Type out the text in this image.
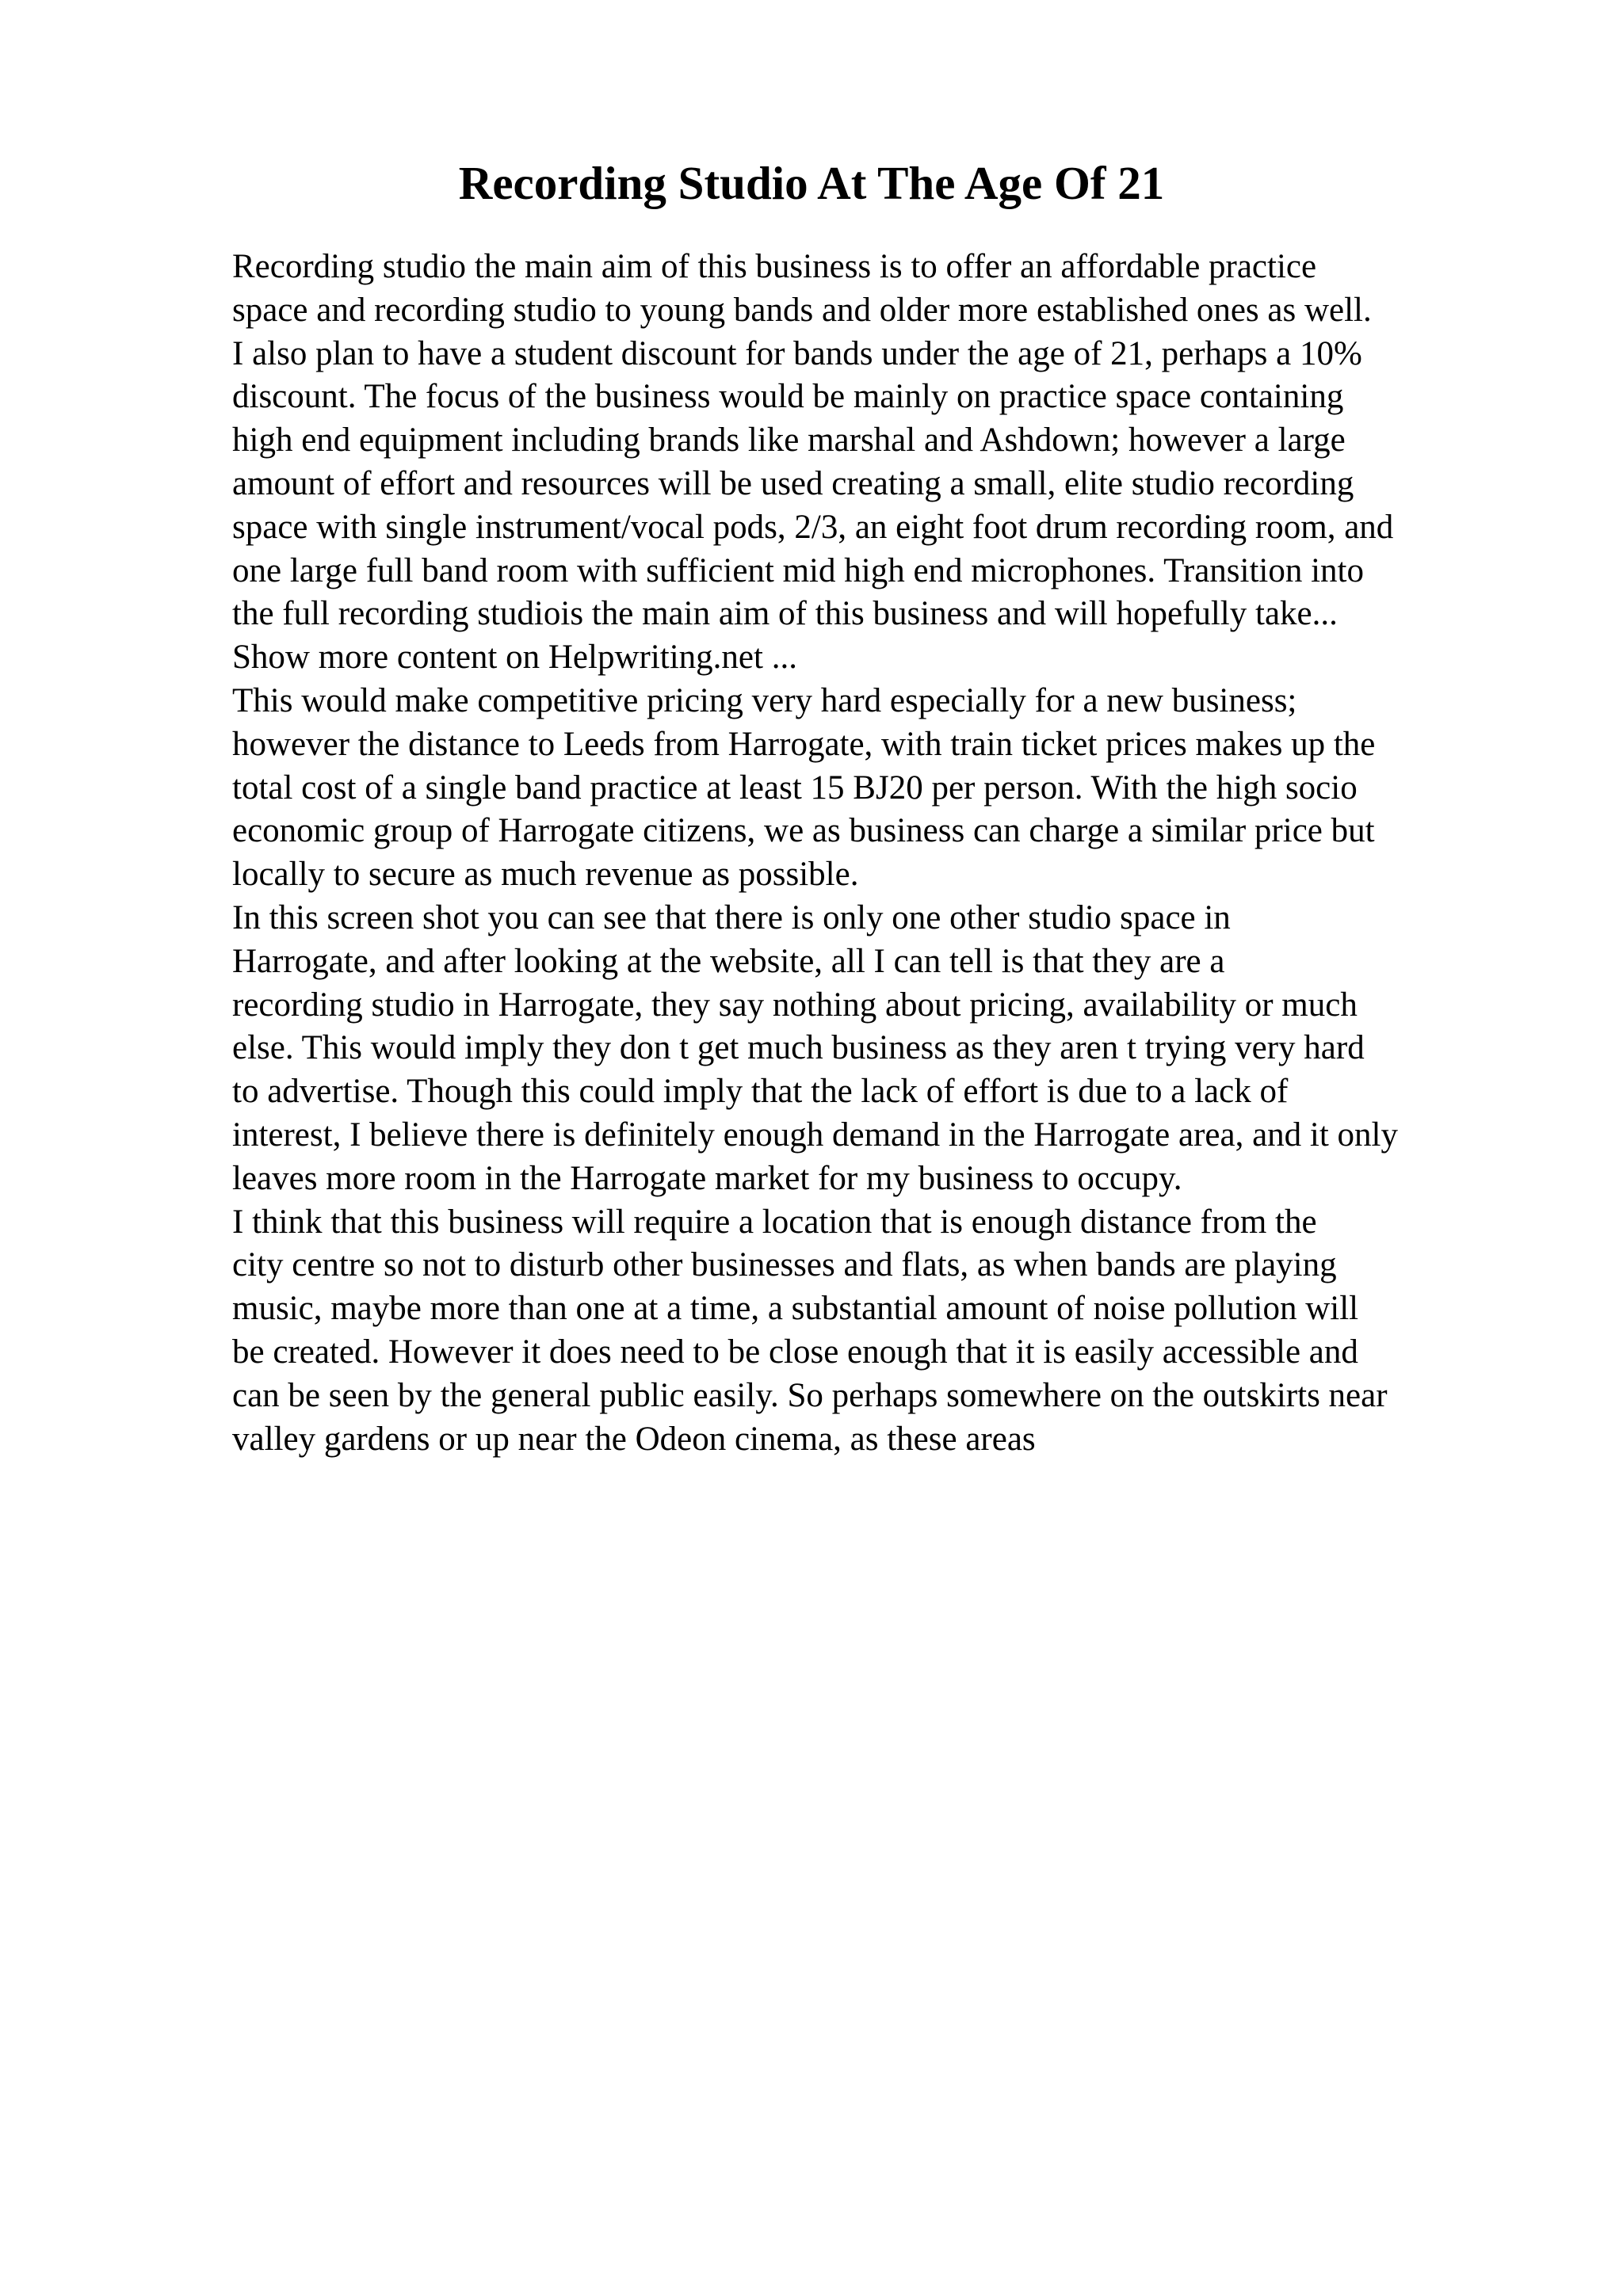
Recording Studio At The Age Of 21
Recording studio the main aim of this business is to offer an affordable practice
space and recording studio to young bands and older more established ones as well.
I also plan to have a student discount for bands under the age of 21, perhaps a 10%
discount. The focus of the business would be mainly on practice space containing
high end equipment including brands like marshal and Ashdown; however a large
amount of effort and resources will be used creating a small, elite studio recording
space with single instrument/vocal pods, 2/3, an eight foot drum recording room, and
one large full band room with sufficient mid high end microphones. Transition into
the full recording studiois the main aim of this business and will hopefully take...
Show more content on Helpwriting.net ...
This would make competitive pricing very hard especially for a new business;
however the distance to Leeds from Harrogate, with train ticket prices makes up the
total cost of a single band practice at least 15 BJ20 per person. With the high socio
economic group of Harrogate citizens, we as business can charge a similar price but
locally to secure as much revenue as possible.
In this screen shot you can see that there is only one other studio space in
Harrogate, and after looking at the website, all I can tell is that they are a
recording studio in Harrogate, they say nothing about pricing, availability or much
else. This would imply they don t get much business as they aren t trying very hard
to advertise. Though this could imply that the lack of effort is due to a lack of
interest, I believe there is definitely enough demand in the Harrogate area, and it only
leaves more room in the Harrogate market for my business to occupy.
I think that this business will require a location that is enough distance from the
city centre so not to disturb other businesses and flats, as when bands are playing
music, maybe more than one at a time, a substantial amount of noise pollution will
be created. However it does need to be close enough that it is easily accessible and
can be seen by the general public easily. So perhaps somewhere on the outskirts near
valley gardens or up near the Odeon cinema, as these areas
